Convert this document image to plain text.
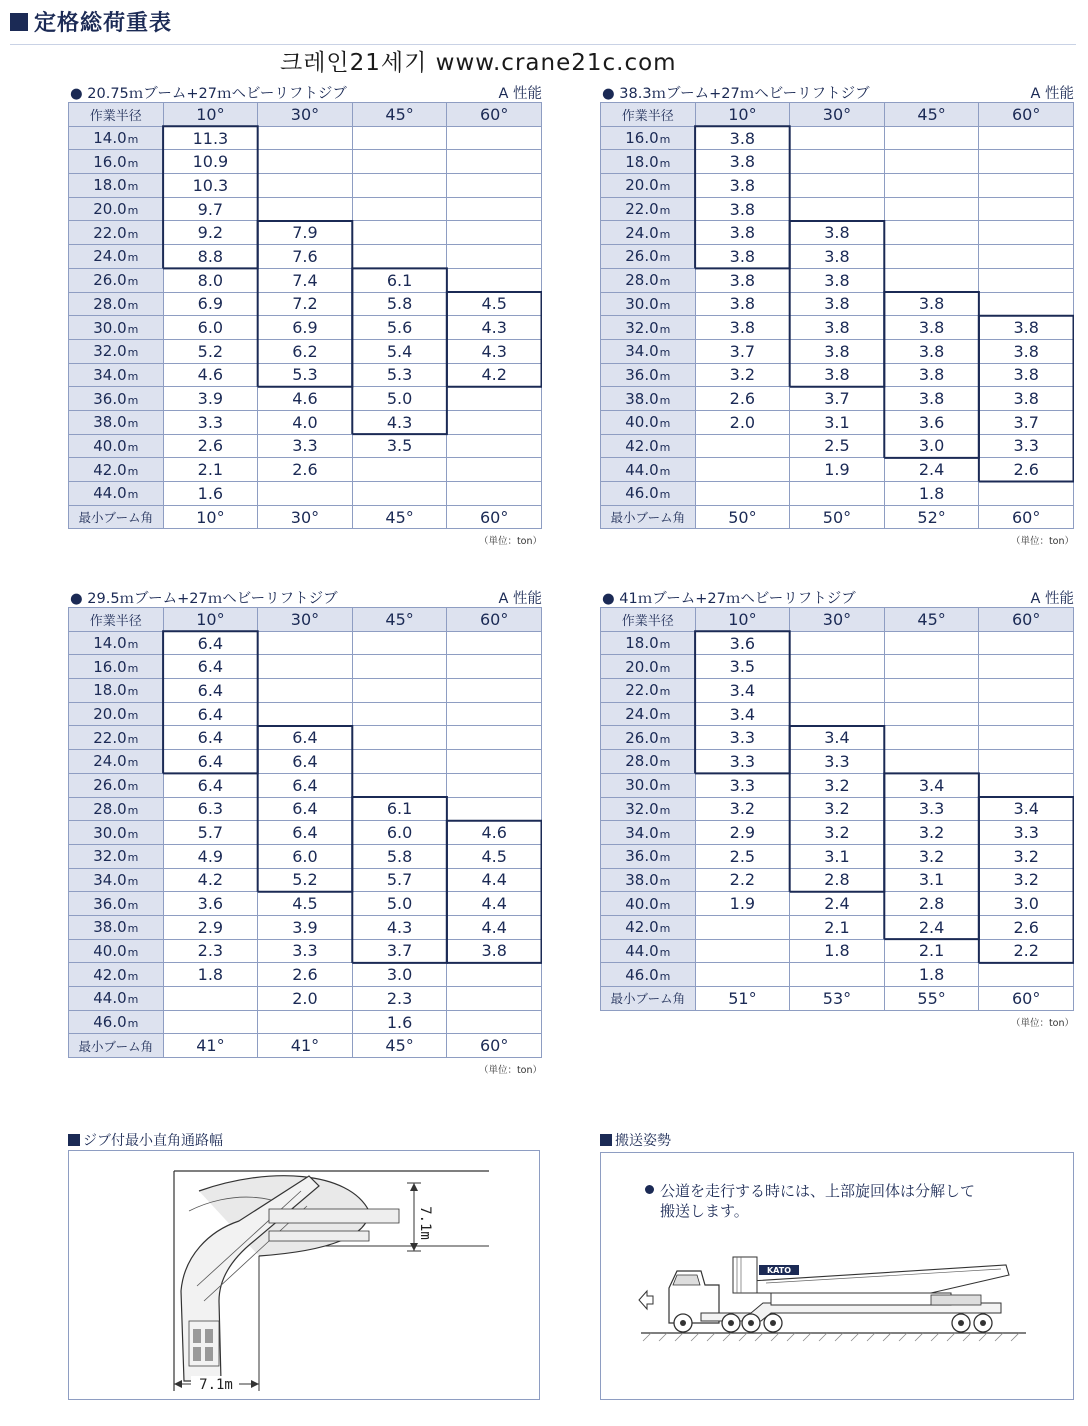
定格総荷重表
크레인21세기 www.crane21c.com
● 20.75ｍブーム+27ｍヘビーリフトジブ	A 性能
作業半径	10°	30°	45°	60°
14.0m	11.3			
16.0m	10.9			
18.0m	10.3			
20.0m	9.7			
22.0m	9.2	7.9		
24.0m	8.8	7.6		
26.0m	8.0	7.4	6.1	
28.0m	6.9	7.2	5.8	4.5
30.0m	6.0	6.9	5.6	4.3
32.0m	5.2	6.2	5.4	4.3
34.0m	4.6	5.3	5.3	4.2
36.0m	3.9	4.6	5.0	
38.0m	3.3	4.0	4.3	
40.0m	2.6	3.3	3.5	
42.0m	2.1	2.6		
44.0m	1.6			
最小ブーム角	10°	30°	45°	60°
（単位：ton）
● 38.3ｍブーム+27ｍヘビーリフトジブ	A 性能
作業半径	10°	30°	45°	60°
16.0m	3.8			
18.0m	3.8			
20.0m	3.8			
22.0m	3.8			
24.0m	3.8	3.8		
26.0m	3.8	3.8		
28.0m	3.8	3.8		
30.0m	3.8	3.8	3.8	
32.0m	3.8	3.8	3.8	3.8
34.0m	3.7	3.8	3.8	3.8
36.0m	3.2	3.8	3.8	3.8
38.0m	2.6	3.7	3.8	3.8
40.0m	2.0	3.1	3.6	3.7
42.0m		2.5	3.0	3.3
44.0m		1.9	2.4	2.6
46.0m			1.8	
最小ブーム角	50°	50°	52°	60°
（単位：ton）
● 29.5ｍブーム+27ｍヘビーリフトジブ	A 性能
作業半径	10°	30°	45°	60°
14.0m	6.4			
16.0m	6.4			
18.0m	6.4			
20.0m	6.4			
22.0m	6.4	6.4		
24.0m	6.4	6.4		
26.0m	6.4	6.4		
28.0m	6.3	6.4	6.1	
30.0m	5.7	6.4	6.0	4.6
32.0m	4.9	6.0	5.8	4.5
34.0m	4.2	5.2	5.7	4.4
36.0m	3.6	4.5	5.0	4.4
38.0m	2.9	3.9	4.3	4.4
40.0m	2.3	3.3	3.7	3.8
42.0m	1.8	2.6	3.0	
44.0m		2.0	2.3	
46.0m			1.6	
最小ブーム角	41°	41°	45°	60°
（単位：ton）
● 41ｍブーム+27ｍヘビーリフトジブ	A 性能
作業半径	10°	30°	45°	60°
18.0m	3.6			
20.0m	3.5			
22.0m	3.4			
24.0m	3.4			
26.0m	3.3	3.4		
28.0m	3.3	3.3		
30.0m	3.3	3.2	3.4	
32.0m	3.2	3.2	3.3	3.4
34.0m	2.9	3.2	3.2	3.3
36.0m	2.5	3.1	3.2	3.2
38.0m	2.2	2.8	3.1	3.2
40.0m	1.9	2.4	2.8	3.0
42.0m		2.1	2.4	2.6
44.0m		1.8	2.1	2.2
46.0m			1.8	
最小ブーム角	51°	53°	55°	60°
（単位：ton）
ジブ付最小直角通路幅
7.1m
7.1m
搬送姿勢
公道を走行する時には、上部旋回体は分解して
搬送します。
KATO
